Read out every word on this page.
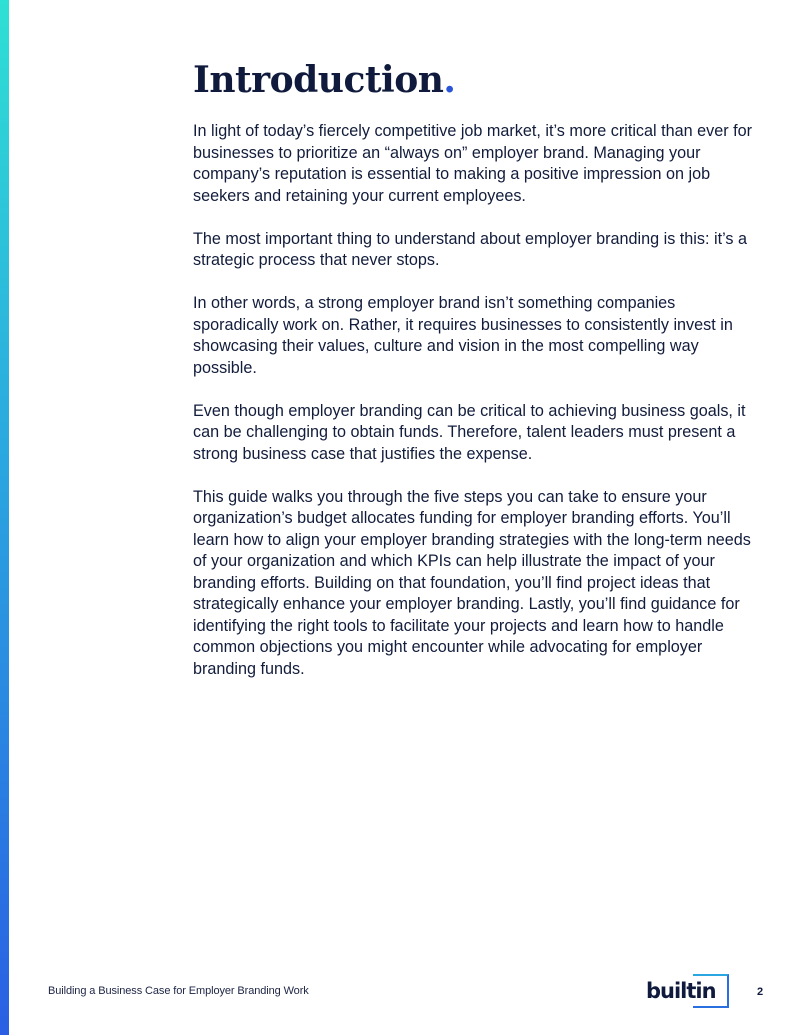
Introduction.

In light of today’s fiercely competitive job market, it’s more critical than ever for businesses to prioritize an “always on” employer brand. Managing your company’s reputation is essential to making a positive impression on job seekers and retaining your current employees.

The most important thing to understand about employer branding is this: it’s a strategic process that never stops.

In other words, a strong employer brand isn’t something companies sporadically work on. Rather, it requires businesses to consistently invest in showcasing their values, culture and vision in the most compelling way possible.

Even though employer branding can be critical to achieving business goals, it can be challenging to obtain funds. Therefore, talent leaders must present a strong business case that justifies the expense.

This guide walks you through the five steps you can take to ensure your organization’s budget allocates funding for employer branding efforts. You’ll learn how to align your employer branding strategies with the long-term needs of your organization and which KPIs can help illustrate the impact of your branding efforts. Building on that foundation, you’ll find project ideas that strategically enhance your employer branding. Lastly, you’ll find guidance for identifying the right tools to facilitate your projects and learn how to handle common objections you might encounter while advocating for employer branding funds.

Building a Business Case for Employer Branding Work	builtin	2
